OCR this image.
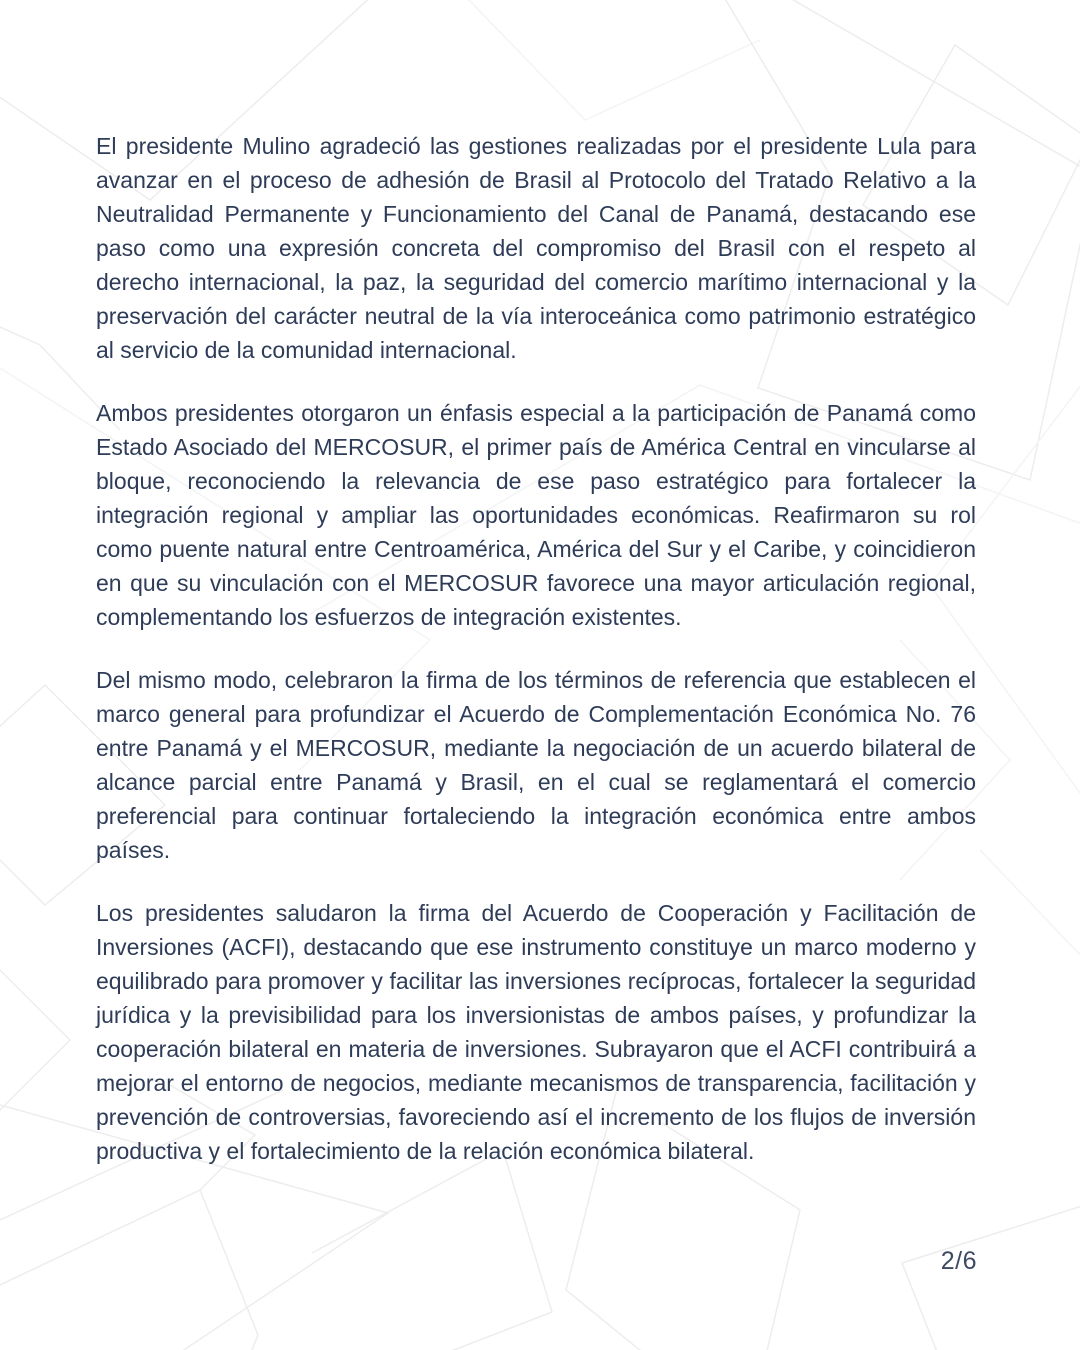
El presidente Mulino agradeció las gestiones realizadas por el presidente Lula para avanzar en el proceso de adhesión de Brasil al Protocolo del Tratado Relativo a la Neutralidad Permanente y Funcionamiento del Canal de Panamá, destacando ese paso como una expresión concreta del compromiso del Brasil con el respeto al derecho internacional, la paz, la seguridad del comercio marítimo internacional y la preservación del carácter neutral de la vía interoceánica como patrimonio estratégico al servicio de la comunidad internacional.

Ambos presidentes otorgaron un énfasis especial a la participación de Panamá como Estado Asociado del MERCOSUR, el primer país de América Central en vincularse al bloque, reconociendo la relevancia de ese paso estratégico para fortalecer la integración regional y ampliar las oportunidades económicas. Reafirmaron su rol como puente natural entre Centroamérica, América del Sur y el Caribe, y coincidieron en que su vinculación con el MERCOSUR favorece una mayor articulación regional, complementando los esfuerzos de integración existentes.

Del mismo modo, celebraron la firma de los términos de referencia que establecen el marco general para profundizar el Acuerdo de Complementación Económica No. 76 entre Panamá y el MERCOSUR, mediante la negociación de un acuerdo bilateral de alcance parcial entre Panamá y Brasil, en el cual se reglamentará el comercio preferencial para continuar fortaleciendo la integración económica entre ambos países.

Los presidentes saludaron la firma del Acuerdo de Cooperación y Facilitación de Inversiones (ACFI), destacando que ese instrumento constituye un marco moderno y equilibrado para promover y facilitar las inversiones recíprocas, fortalecer la seguridad jurídica y la previsibilidad para los inversionistas de ambos países, y profundizar la cooperación bilateral en materia de inversiones. Subrayaron que el ACFI contribuirá a mejorar el entorno de negocios, mediante mecanismos de transparencia, facilitación y prevención de controversias, favoreciendo así el incremento de los flujos de inversión productiva y el fortalecimiento de la relación económica bilateral.

2/6
